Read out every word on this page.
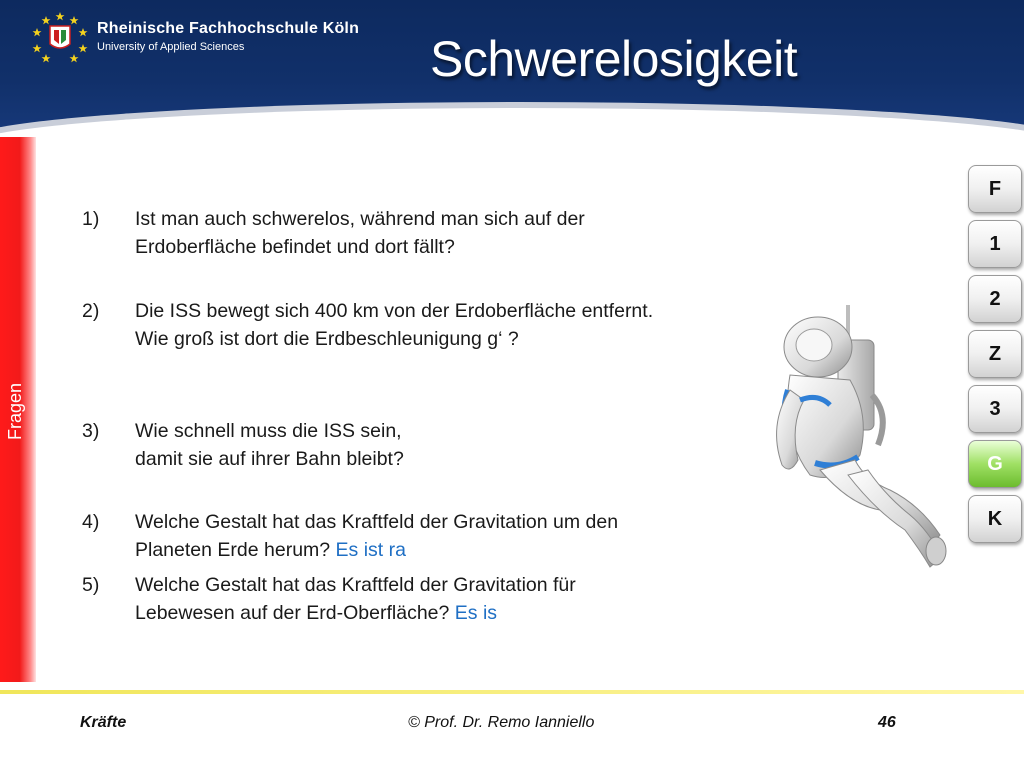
Rheinische Fachhochschule Köln
University of Applied Sciences	Schwerelosigkeit
Fragen
1)	Ist man auch schwerelos, während man sich auf der
Erdoberfläche befindet und dort fällt?
2)	Die ISS bewegt sich 400 km von der Erdoberfläche entfernt.
Wie groß ist dort die Erdbeschleunigung g‘ ?
3)	Wie schnell muss die ISS sein,
damit sie auf ihrer Bahn bleibt?
4)	Welche Gestalt hat das Kraftfeld der Gravitation um den
Planeten Erde herum? Es ist ra
5)	Welche Gestalt hat das Kraftfeld der Gravitation für
Lebewesen auf der Erd-Oberfläche? Es is
F
1
2
Z
3
G
K
Kräfte	© Prof. Dr. Remo Ianniello	46
